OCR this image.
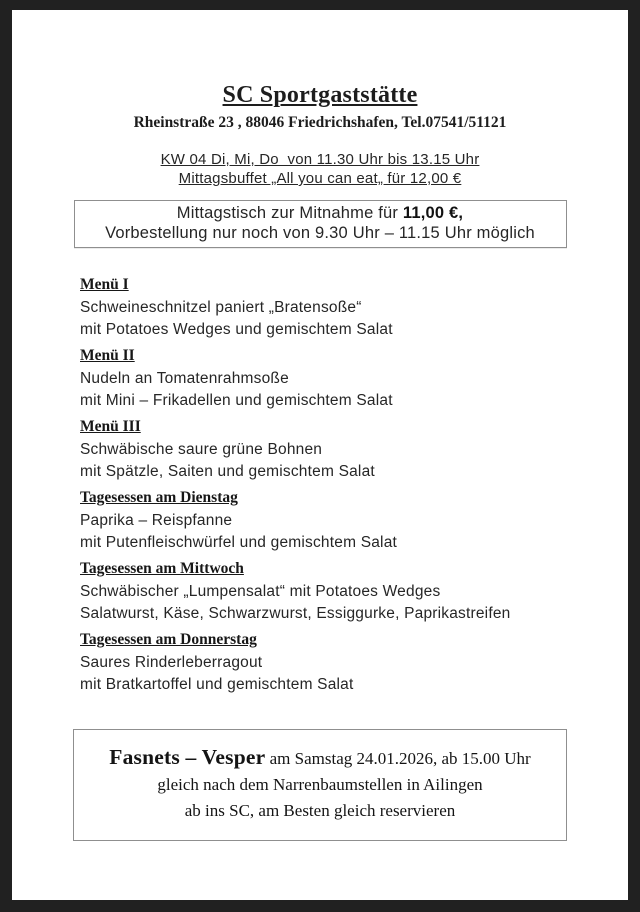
SC Sportgaststätte
Rheinstraße 23 , 88046 Friedrichshafen, Tel.07541/51121
KW 04 Di, Mi, Do  von 11.30 Uhr bis 13.15 Uhr
Mittagsbuffet „All you can eat„ für 12,00 €
Mittagstisch zur Mitnahme für 11,00 €,
Vorbestellung nur noch von 9.30 Uhr – 11.15 Uhr möglich
Menü I
Schweineschnitzel paniert „Bratensoße“
mit Potatoes Wedges und gemischtem Salat
Menü II
Nudeln an Tomatenrahmsoße
mit Mini – Frikadellen und gemischtem Salat
Menü III
Schwäbische saure grüne Bohnen
mit Spätzle, Saiten und gemischtem Salat
Tagesessen am Dienstag
Paprika – Reispfanne
mit Putenfleischwürfel und gemischtem Salat
Tagesessen am Mittwoch
Schwäbischer „Lumpensalat“ mit Potatoes Wedges
Salatwurst, Käse, Schwarzwurst, Essiggurke, Paprikastreifen
Tagesessen am Donnerstag
Saures Rinderleberragout
mit Bratkartoffel und gemischtem Salat
Fasnets – Vesper am Samstag 24.01.2026, ab 15.00 Uhr
gleich nach dem Narrenbaumstellen in Ailingen
ab ins SC, am Besten gleich reservieren
